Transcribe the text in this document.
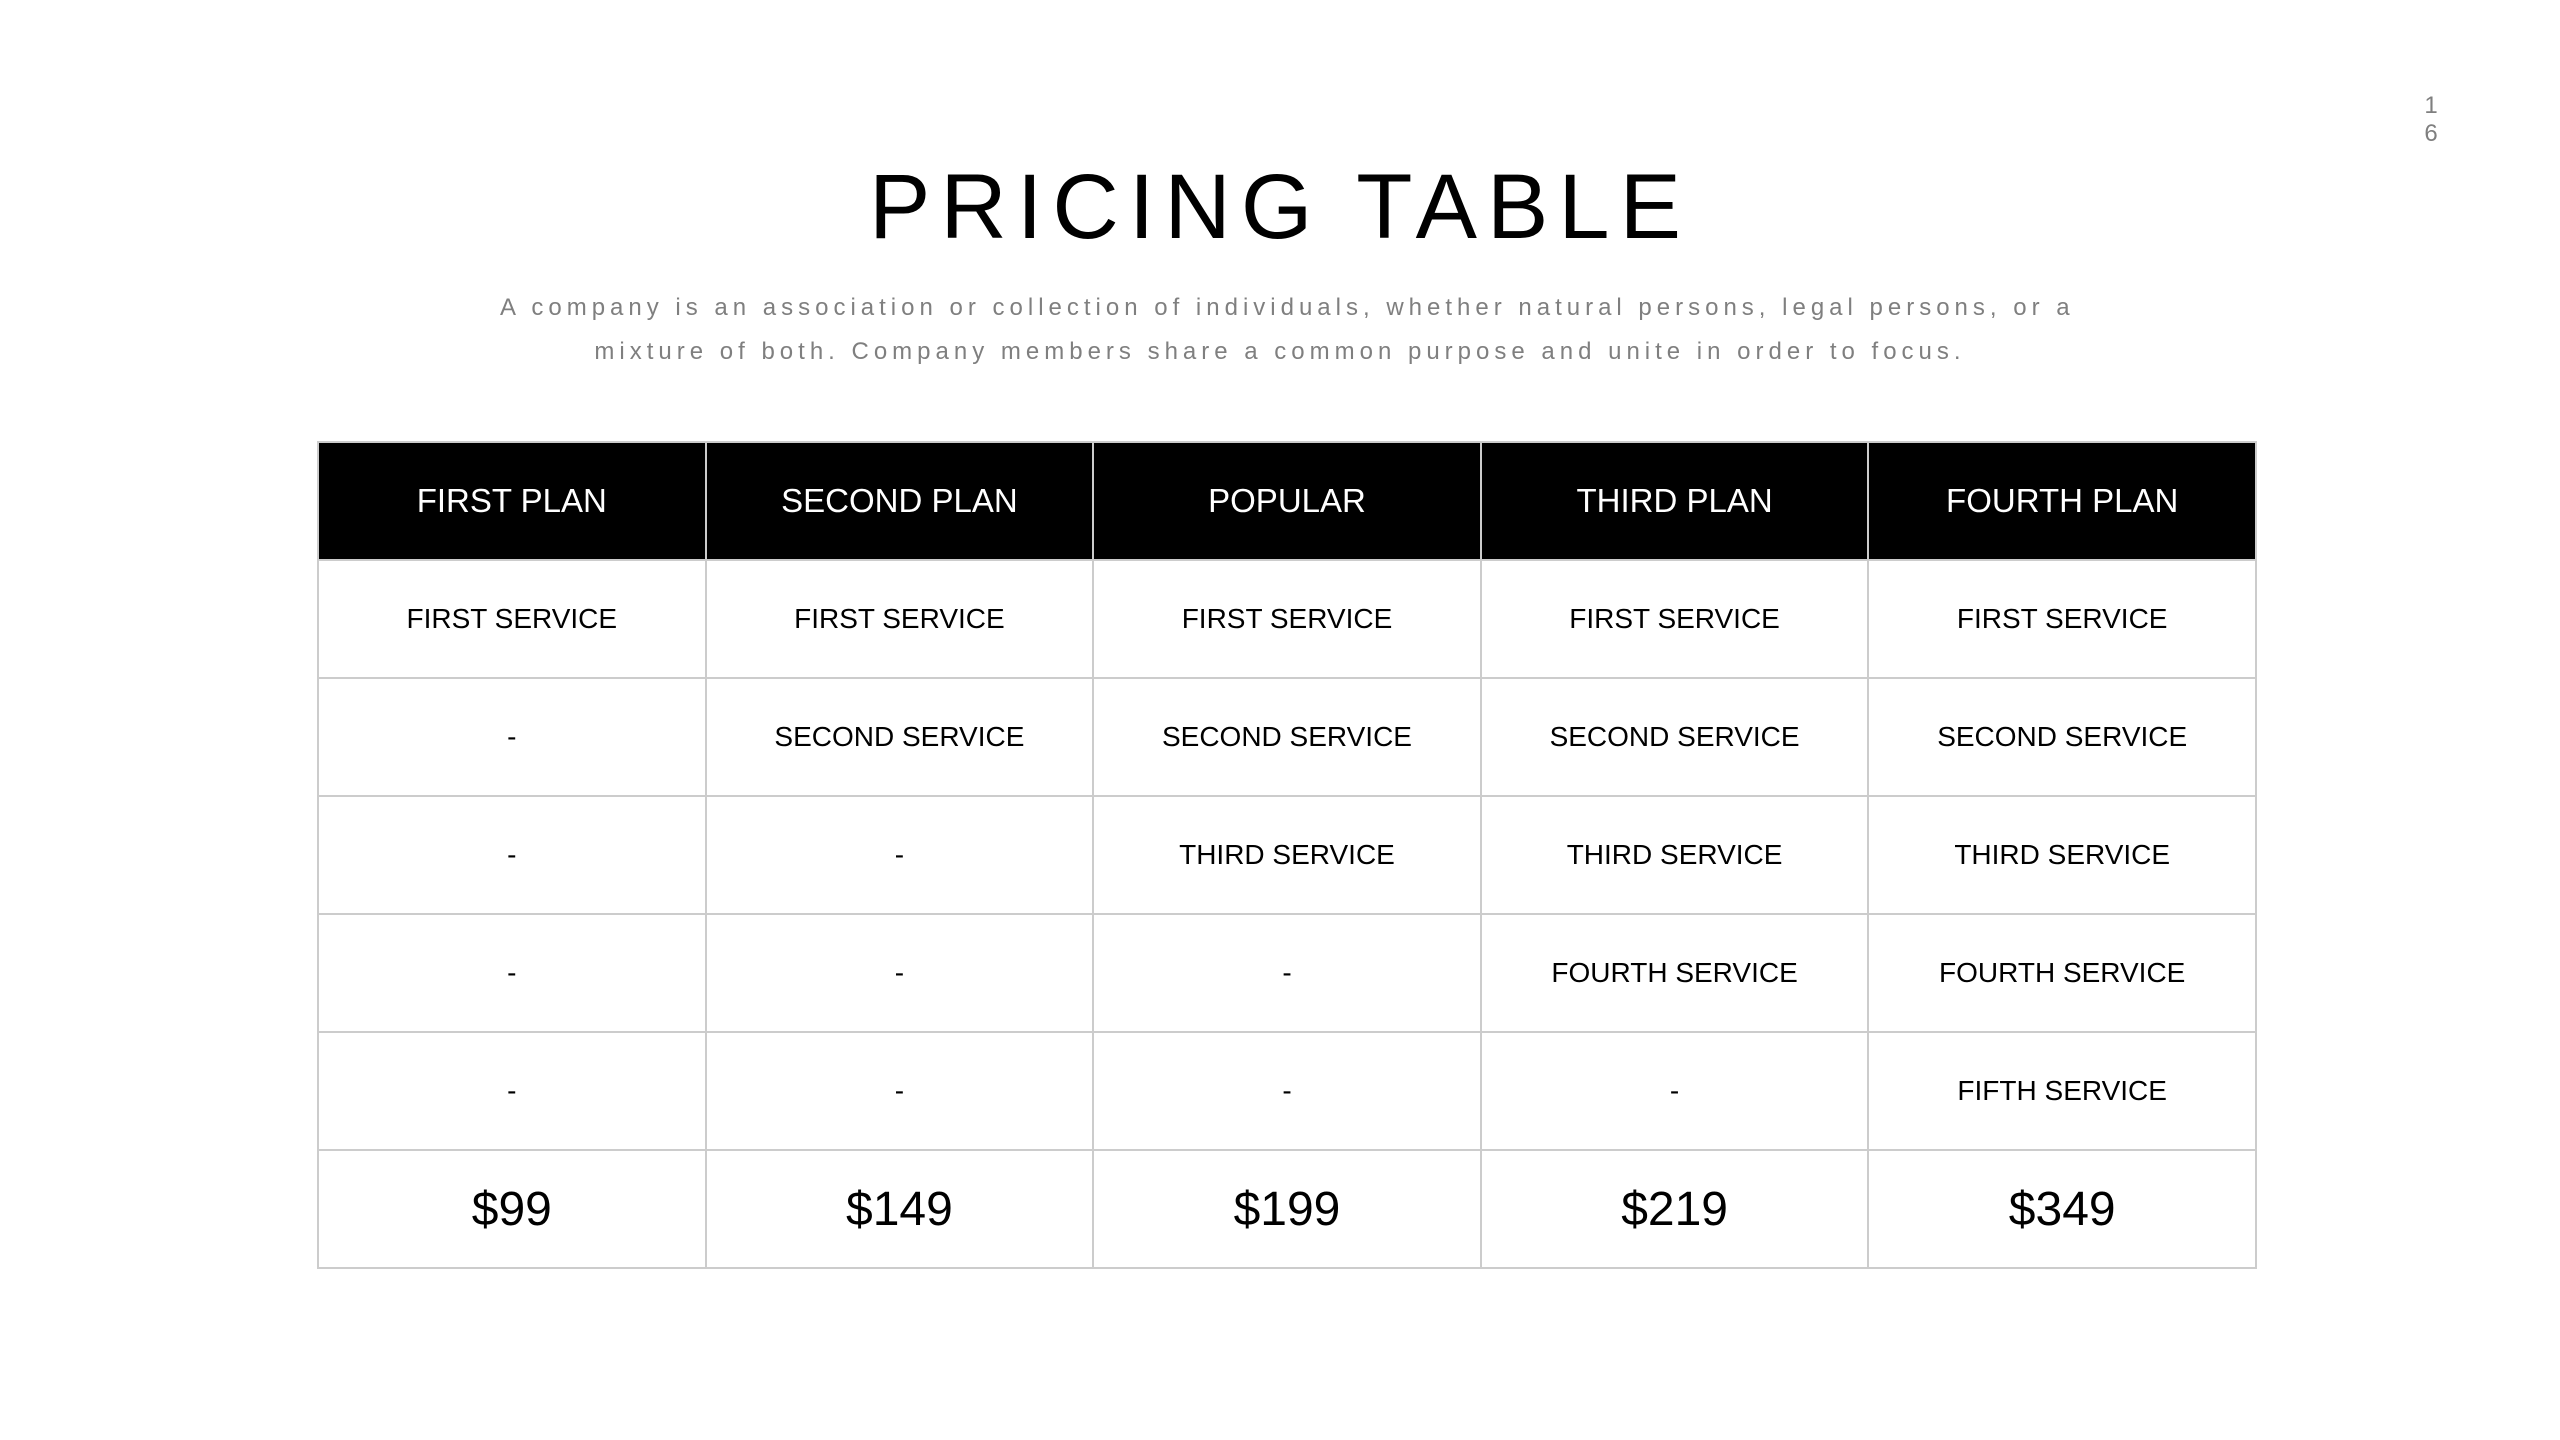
1
6
PRICING TABLE
A company is an association or collection of individuals, whether natural persons, legal persons, or a
mixture of both. Company members share a common purpose and unite in order to focus.
FIRST PLAN	SECOND PLAN	POPULAR	THIRD PLAN	FOURTH PLAN
FIRST SERVICE	FIRST SERVICE	FIRST SERVICE	FIRST SERVICE	FIRST SERVICE
-	SECOND SERVICE	SECOND SERVICE	SECOND SERVICE	SECOND SERVICE
-	-	THIRD SERVICE	THIRD SERVICE	THIRD SERVICE
-	-	-	FOURTH SERVICE	FOURTH SERVICE
-	-	-	-	FIFTH SERVICE
$99	$149	$199	$219	$349
